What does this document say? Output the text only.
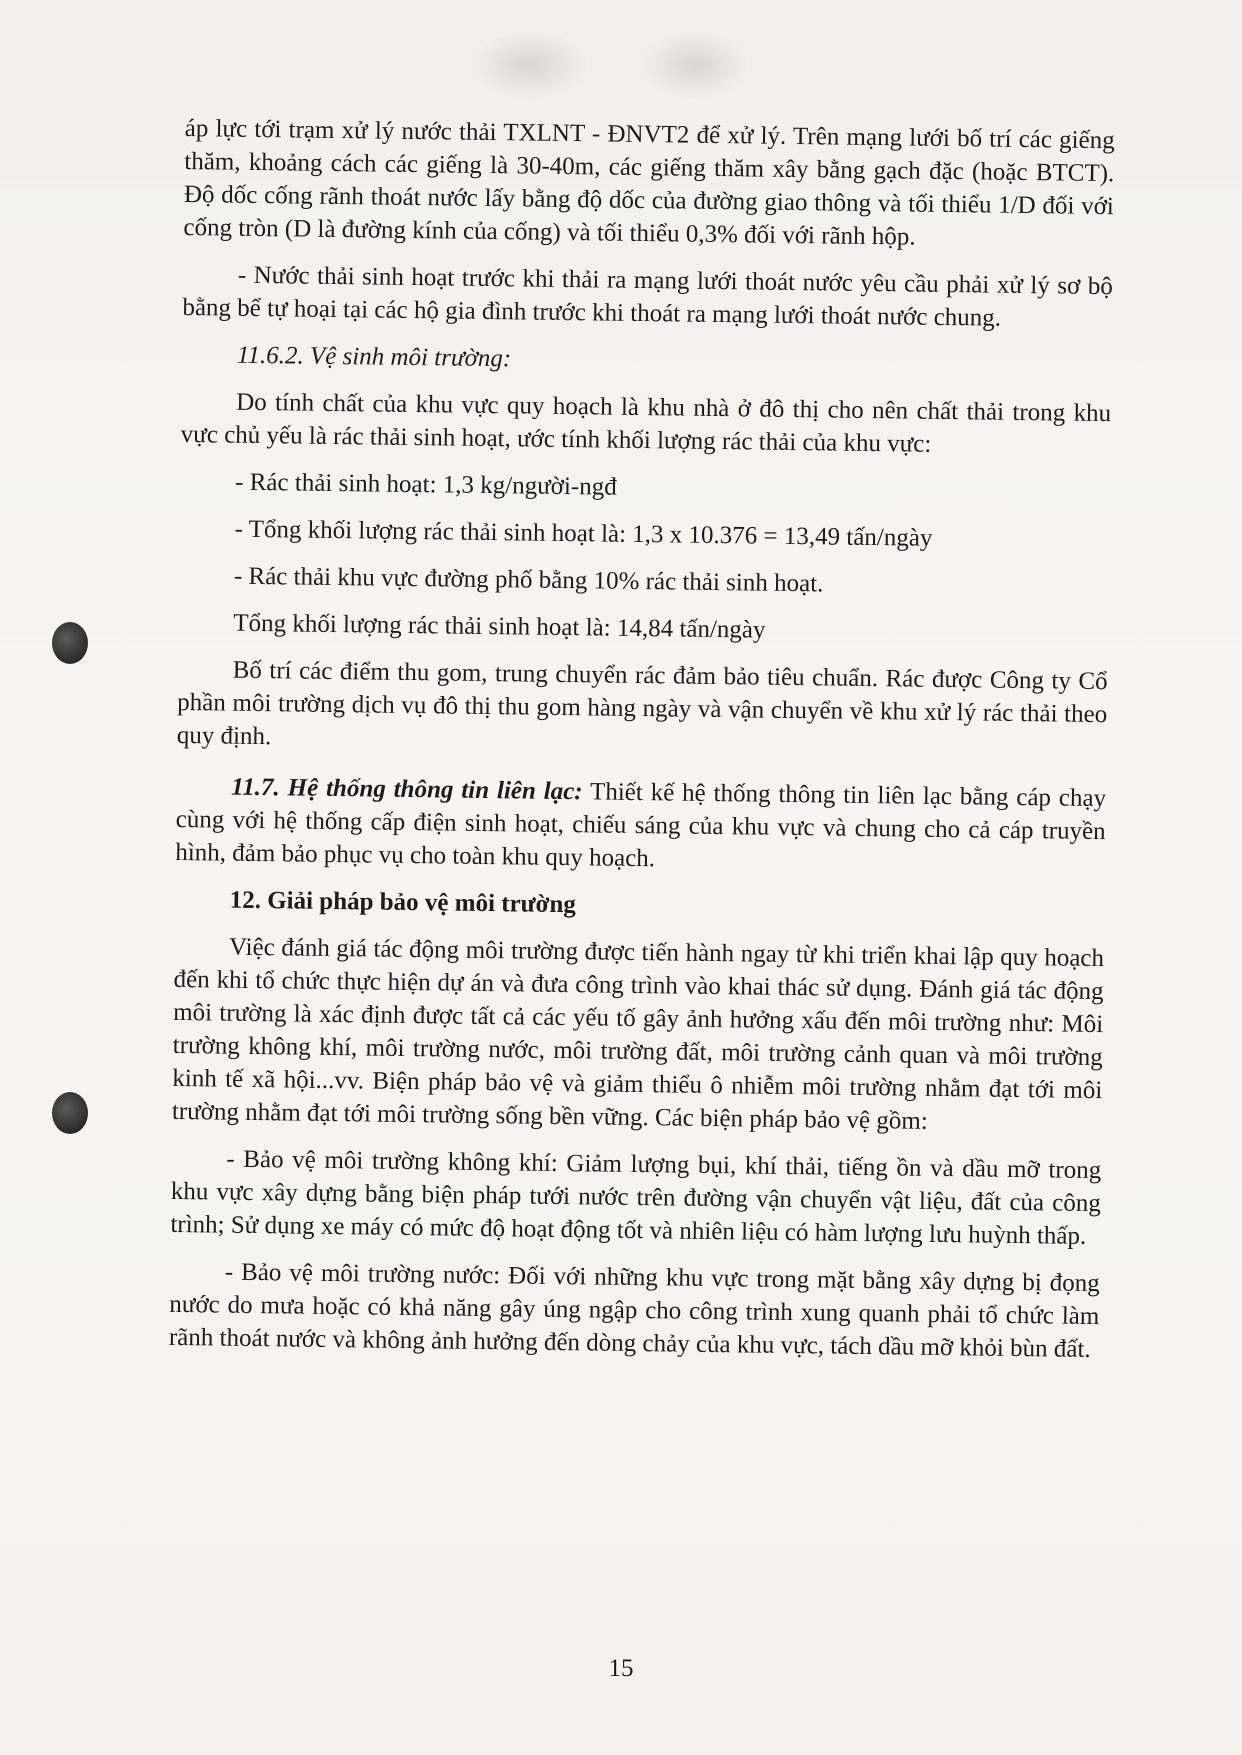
áp lực tới trạm xử lý nước thải TXLNT - ĐNVT2 để xử lý. Trên mạng lưới bố trí các giếng thăm, khoảng cách các giếng là 30-40m, các giếng thăm xây bằng gạch đặc (hoặc BTCT). Độ dốc cống rãnh thoát nước lấy bằng độ dốc của đường giao thông và tối thiểu 1/D đối với cống tròn (D là đường kính của cống) và tối thiểu 0,3% đối với rãnh hộp.

- Nước thải sinh hoạt trước khi thải ra mạng lưới thoát nước yêu cầu phải xử lý sơ bộ bằng bể tự hoại tại các hộ gia đình trước khi thoát ra mạng lưới thoát nước chung.

11.6.2. Vệ sinh môi trường:

Do tính chất của khu vực quy hoạch là khu nhà ở đô thị cho nên chất thải trong khu vực chủ yếu là rác thải sinh hoạt, ước tính khối lượng rác thải của khu vực:

- Rác thải sinh hoạt: 1,3 kg/người-ngđ

- Tổng khối lượng rác thải sinh hoạt là: 1,3 x 10.376 = 13,49 tấn/ngày

- Rác thải khu vực đường phố bằng 10% rác thải sinh hoạt.

Tổng khối lượng rác thải sinh hoạt là: 14,84 tấn/ngày

Bố trí các điểm thu gom, trung chuyển rác đảm bảo tiêu chuẩn. Rác được Công ty Cổ phần môi trường dịch vụ đô thị thu gom hàng ngày và vận chuyển về khu xử lý rác thải theo quy định.

11.7. Hệ thống thông tin liên lạc: Thiết kế hệ thống thông tin liên lạc bằng cáp chạy cùng với hệ thống cấp điện sinh hoạt, chiếu sáng của khu vực và chung cho cả cáp truyền hình, đảm bảo phục vụ cho toàn khu quy hoạch.

12. Giải pháp bảo vệ môi trường

Việc đánh giá tác động môi trường được tiến hành ngay từ khi triển khai lập quy hoạch đến khi tổ chức thực hiện dự án và đưa công trình vào khai thác sử dụng. Đánh giá tác động môi trường là xác định được tất cả các yếu tố gây ảnh hưởng xấu đến môi trường như: Môi trường không khí, môi trường nước, môi trường đất, môi trường cảnh quan và môi trường kinh tế xã hội...vv. Biện pháp bảo vệ và giảm thiểu ô nhiễm môi trường nhằm đạt tới môi trường nhằm đạt tới môi trường sống bền vững. Các biện pháp bảo vệ gồm:

- Bảo vệ môi trường không khí: Giảm lượng bụi, khí thải, tiếng ồn và dầu mỡ trong khu vực xây dựng bằng biện pháp tưới nước trên đường vận chuyển vật liệu, đất của công trình; Sử dụng xe máy có mức độ hoạt động tốt và nhiên liệu có hàm lượng lưu huỳnh thấp.

- Bảo vệ môi trường nước: Đối với những khu vực trong mặt bằng xây dựng bị đọng nước do mưa hoặc có khả năng gây úng ngập cho công trình xung quanh phải tổ chức làm rãnh thoát nước và không ảnh hưởng đến dòng chảy của khu vực, tách dầu mỡ khỏi bùn đất.

15
